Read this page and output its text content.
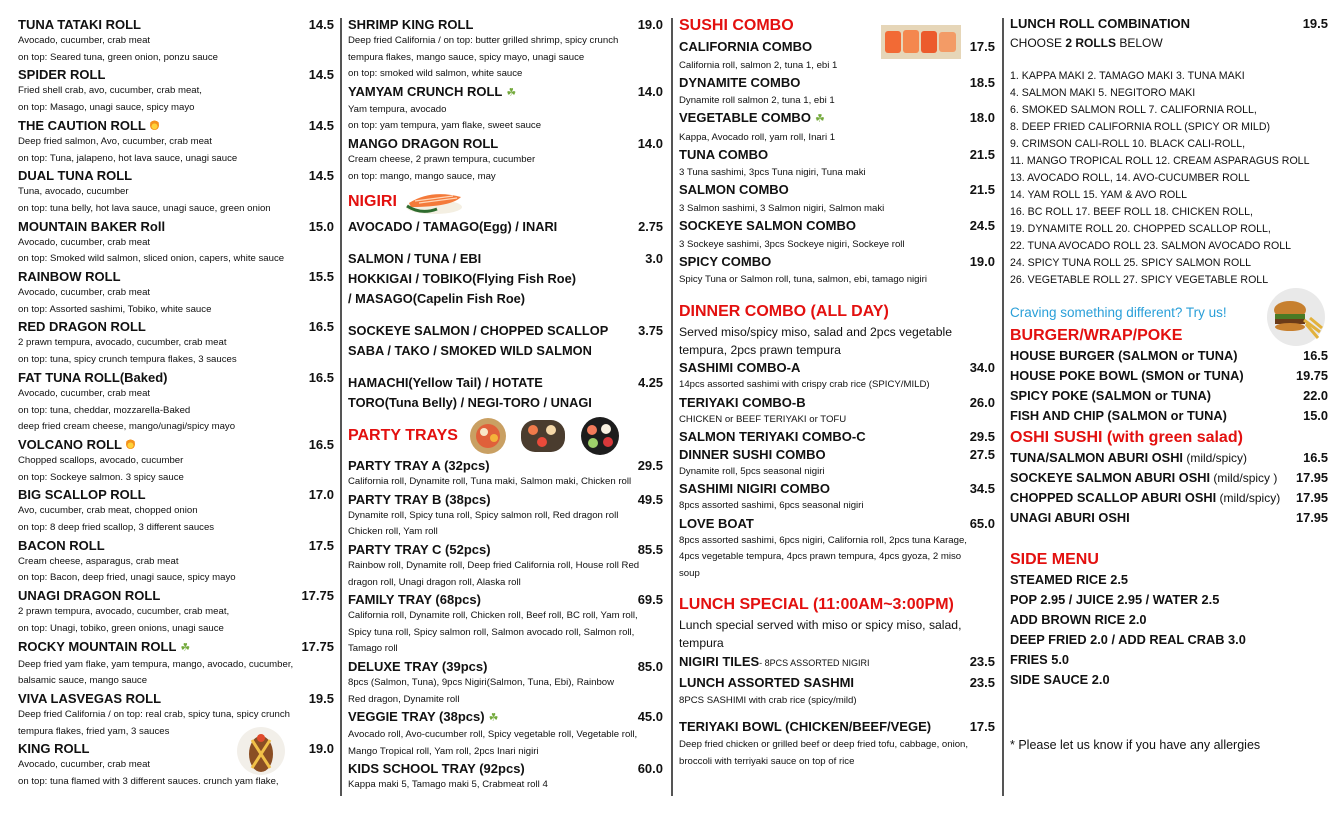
TUNA TATAKI ROLL	14.5
Avocado, cucumber, crab meat
on top: Seared tuna, green onion, ponzu sauce
SPIDER ROLL	14.5
Fried shell crab, avo, cucumber, crab meat,
on top: Masago, unagi sauce, spicy mayo
THE CAUTION ROLL	14.5
Deep fried salmon, Avo, cucumber, crab meat
on top: Tuna, jalapeno, hot lava sauce, unagi sauce
DUAL TUNA ROLL	14.5
Tuna, avocado, cucumber
on top: tuna belly, hot lava sauce, unagi sauce, green onion
MOUNTAIN BAKER Roll	15.0
Avocado, cucumber, crab meat
on top: Smoked wild salmon, sliced onion, capers, white sauce
RAINBOW ROLL	15.5
Avocado, cucumber, crab meat
on top: Assorted sashimi, Tobiko, white sauce
RED DRAGON ROLL	16.5
2 prawn tempura, avocado, cucumber, crab meat
on top: tuna, spicy crunch tempura flakes, 3 sauces
FAT TUNA ROLL(Baked)	16.5
Avocado, cucumber, crab meat
on top: tuna, cheddar, mozzarella-Baked
deep fried cream cheese, mango/unagi/spicy mayo
VOLCANO ROLL	16.5
Chopped scallops, avocado, cucumber
on top: Sockeye salmon. 3 spicy sauce
BIG SCALLOP ROLL	17.0
Avo, cucumber, crab meat, chopped onion
on top: 8 deep fried scallop, 3 different sauces
BACON ROLL	17.5
Cream cheese, asparagus, crab meat
on top: Bacon, deep fried, unagi sauce, spicy mayo
UNAGI DRAGON ROLL	17.75
2 prawn tempura, avocado, cucumber, crab meat,
on top: Unagi, tobiko, green onions, unagi sauce
ROCKY MOUNTAIN ROLL ☘	17.75
Deep fried yam flake, yam tempura, mango, avocado, cucumber,
balsamic sauce, mango sauce
VIVA LASVEGAS ROLL	19.5
Deep fried California / on top: real crab, spicy tuna, spicy crunch
tempura flakes, fried yam, 3 sauces
KING ROLL	19.0
Avocado, cucumber, crab meat
on top: tuna flamed with 3 different sauces. crunch yam flake,
SHRIMP KING ROLL	19.0
Deep fried California / on top: butter grilled shrimp, spicy crunch
tempura flakes, mango sauce, spicy mayo, unagi sauce
on top: smoked wild salmon, white sauce
YAMYAM CRUNCH ROLL ☘	14.0
Yam tempura, avocado
on top: yam tempura, yam flake, sweet sauce
MANGO DRAGON ROLL	14.0
Cream cheese, 2 prawn tempura, cucumber
on top: mango, mango sauce, may
NIGIRI
AVOCADO / TAMAGO(Egg) / INARI	2.75
SALMON / TUNA / EBI	3.0
HOKKIGAI / TOBIKO(Flying Fish Roe)
/ MASAGO(Capelin Fish Roe)
SOCKEYE SALMON / CHOPPED SCALLOP 3.75
SABA / TAKO / SMOKED WILD SALMON
HAMACHI(Yellow Tail) / HOTATE	4.25
TORO(Tuna Belly) / NEGI-TORO / UNAGI
PARTY TRAYS
PARTY TRAY A (32pcs)	29.5
California roll, Dynamite roll, Tuna maki, Salmon maki, Chicken roll
PARTY TRAY B (38pcs)	49.5
Dynamite roll, Spicy tuna roll, Spicy salmon roll, Red dragon roll
Chicken roll, Yam roll
PARTY TRAY C (52pcs)	85.5
Rainbow roll, Dynamite roll, Deep fried California roll, House roll Red
dragon roll, Unagi dragon roll, Alaska roll
FAMILY TRAY (68pcs)	69.5
California roll, Dynamite roll, Chicken roll, Beef roll, BC roll, Yam roll,
Spicy tuna roll, Spicy salmon roll, Salmon avocado roll, Salmon roll,
Tamago roll
DELUXE TRAY (39pcs)	85.0
8pcs (Salmon, Tuna), 9pcs Nigiri(Salmon, Tuna, Ebi), Rainbow
Red dragon, Dynamite roll
VEGGIE TRAY (38pcs) ☘	45.0
Avocado roll, Avo-cucumber roll, Spicy vegetable roll, Vegetable roll,
Mango Tropical roll, Yam roll, 2pcs Inari nigiri
KIDS SCHOOL TRAY (92pcs)	60.0
Kappa maki 5, Tamago maki 5, Crabmeat roll 4
SUSHI COMBO
CALIFORNIA COMBO	17.5
California roll, salmon 2, tuna 1, ebi 1
DYNAMITE COMBO	18.5
Dynamite roll salmon 2, tuna 1, ebi 1
VEGETABLE COMBO ☘	18.0
Kappa, Avocado roll, yam roll, Inari 1
TUNA COMBO	21.5
3 Tuna sashimi, 3pcs Tuna nigiri, Tuna maki
SALMON COMBO	21.5
3 Salmon sashimi, 3 Salmon nigiri, Salmon maki
SOCKEYE SALMON COMBO	24.5
3 Sockeye sashimi, 3pcs Sockeye nigiri, Sockeye roll
SPICY COMBO	19.0
Spicy Tuna or Salmon roll, tuna, salmon, ebi, tamago nigiri
DINNER COMBO (ALL DAY)
Served miso/spicy miso, salad and 2pcs vegetable
tempura, 2pcs prawn tempura
SASHIMI COMBO-A	34.0
14pcs assorted sashimi with crispy crab rice (SPICY/MILD)
TERIYAKI COMBO-B	26.0
CHICKEN or BEEF TERIYAKI or TOFU
SALMON TERIYAKI COMBO-C	29.5
DINNER SUSHI COMBO	27.5
Dynamite roll, 5pcs seasonal nigiri
SASHIMI NIGIRI COMBO	34.5
8pcs assorted sashimi, 6pcs seasonal nigiri
LOVE BOAT	65.0
8pcs assorted sashimi, 6pcs nigiri, California roll, 2pcs tuna Karage,
4pcs vegetable tempura, 4pcs prawn tempura, 4pcs gyoza, 2 miso
soup
LUNCH SPECIAL (11:00AM~3:00PM)
Lunch special served with miso or spicy miso, salad,
tempura
NIGIRI TILES - 8PCS ASSORTED NIGIRI	23.5
LUNCH ASSORTED SASHMI	23.5
8PCS SASHIMI with crab rice (spicy/mild)
TERIYAKI BOWL (CHICKEN/BEEF/VEGE)	17.5
Deep fried chicken or grilled beef or deep fried tofu, cabbage, onion,
broccoli with terriyaki sauce on top of rice
LUNCH ROLL COMBINATION	19.5
CHOOSE 2 ROLLS BELOW
1. KAPPA MAKI 2. TAMAGO MAKI 3. TUNA MAKI
4. SALMON MAKI 5. NEGITORO MAKI
6. SMOKED SALMON ROLL 7. CALIFORNIA ROLL,
8. DEEP FRIED CALIFORNIA ROLL (SPICY OR MILD)
9. CRIMSON CALI-ROLL 10. BLACK CALI-ROLL,
11. MANGO TROPICAL ROLL 12. CREAM ASPARAGUS ROLL
13. AVOCADO ROLL, 14. AVO-CUCUMBER ROLL
14. YAM ROLL 15. YAM & AVO ROLL
16. BC ROLL 17. BEEF ROLL 18. CHICKEN ROLL,
19. DYNAMITE ROLL 20. CHOPPED SCALLOP ROLL,
22. TUNA AVOCADO ROLL 23. SALMON AVOCADO ROLL
24. SPICY TUNA ROLL 25. SPICY SALMON ROLL
26. VEGETABLE ROLL 27. SPICY VEGETABLE ROLL
Craving something different? Try us!
BURGER/WRAP/POKE
HOUSE BURGER (SALMON or TUNA)	16.5
HOUSE POKE BOWL (SMON or TUNA)	19.75
SPICY POKE (SALMON or TUNA)	22.0
FISH AND CHIP (SALMON or TUNA)	15.0
OSHI SUSHI (with green salad)
TUNA/SALMON ABURI OSHI (mild/spicy)	16.5
SOCKEYE SALMON ABURI OSHI (mild/spicy ) 17.95
CHOPPED SCALLOP ABURI OSHI (mild/spicy) 17.95
UNAGI ABURI OSHI	17.95
SIDE MENU
STEAMED RICE 2.5
POP 2.95 / JUICE 2.95 / WATER 2.5
ADD BROWN RICE 2.0
DEEP FRIED 2.0 / ADD REAL CRAB 3.0
FRIES 5.0
SIDE SAUCE 2.0
* Please let us know if you have any allergies
